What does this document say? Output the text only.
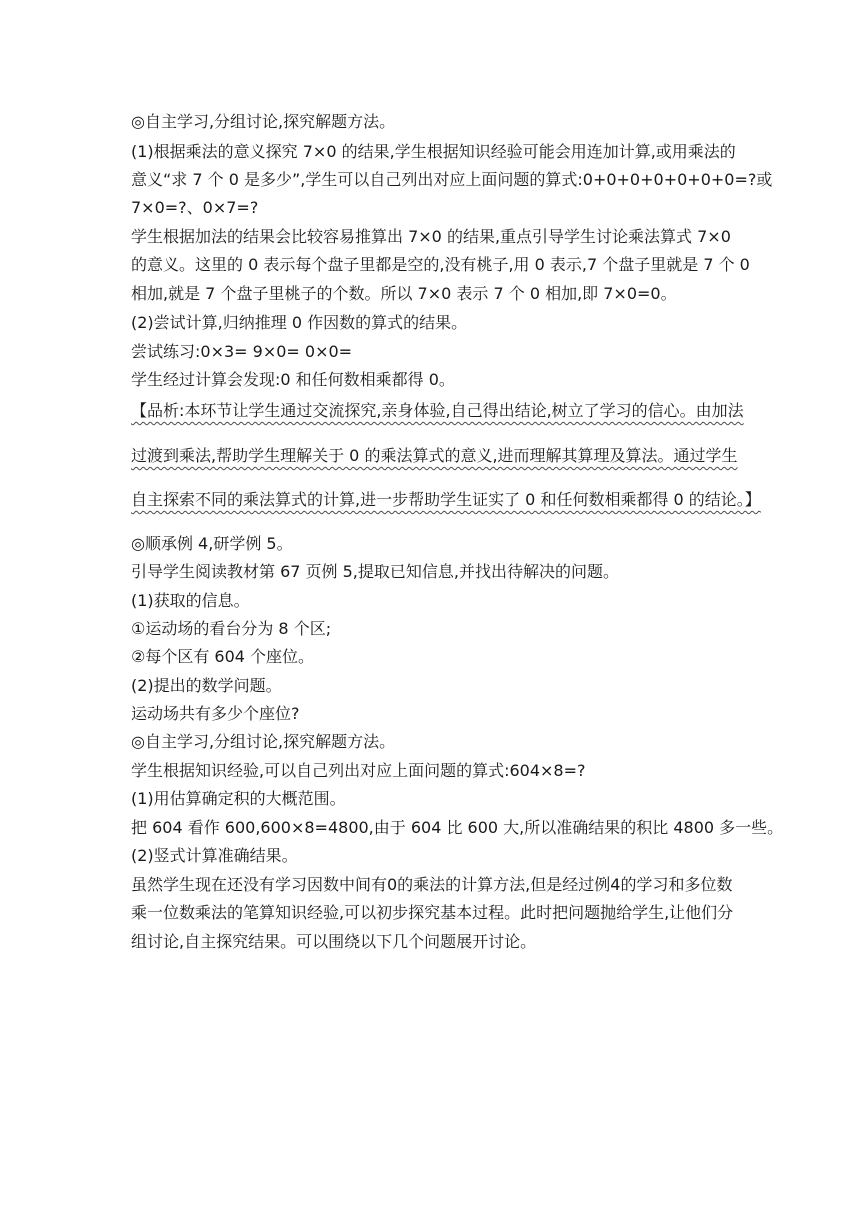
◎自主学习,分组讨论,探究解题方法。
(1)根据乘法的意义探究 7×0 的结果,学生根据知识经验可能会用连加计算,或用乘法的
意义“求 7 个 0 是多少”,学生可以自己列出对应上面问题的算式:0+0+0+0+0+0+0=?或
7×0=?、0×7=?
学生根据加法的结果会比较容易推算出 7×0 的结果,重点引导学生讨论乘法算式 7×0
的意义。这里的 0 表示每个盘子里都是空的,没有桃子,用 0 表示,7 个盘子里就是 7 个 0
相加,就是 7 个盘子里桃子的个数。所以 7×0 表示 7 个 0 相加,即 7×0=0。
(2)尝试计算,归纳推理 0 作因数的算式的结果。
尝试练习:0×3= 9×0= 0×0=
学生经过计算会发现:0 和任何数相乘都得 0。
【品析:本环节让学生通过交流探究,亲身体验,自己得出结论,树立了学习的信心。由加法
过渡到乘法,帮助学生理解关于 0 的乘法算式的意义,进而理解其算理及算法。通过学生
自主探索不同的乘法算式的计算,进一步帮助学生证实了 0 和任何数相乘都得 0 的结论。】
◎顺承例 4,研学例 5。
引导学生阅读教材第 67 页例 5,提取已知信息,并找出待解决的问题。
(1)获取的信息。
①运动场的看台分为 8 个区;
②每个区有 604 个座位。
(2)提出的数学问题。
运动场共有多少个座位?
◎自主学习,分组讨论,探究解题方法。
学生根据知识经验,可以自己列出对应上面问题的算式:604×8=?
(1)用估算确定积的大概范围。
把 604 看作 600,600×8=4800,由于 604 比 600 大,所以准确结果的积比 4800 多一些。
(2)竖式计算准确结果。
虽然学生现在还没有学习因数中间有0的乘法的计算方法,但是经过例4的学习和多位数
乘一位数乘法的笔算知识经验,可以初步探究基本过程。此时把问题抛给学生,让他们分
组讨论,自主探究结果。可以围绕以下几个问题展开讨论。
